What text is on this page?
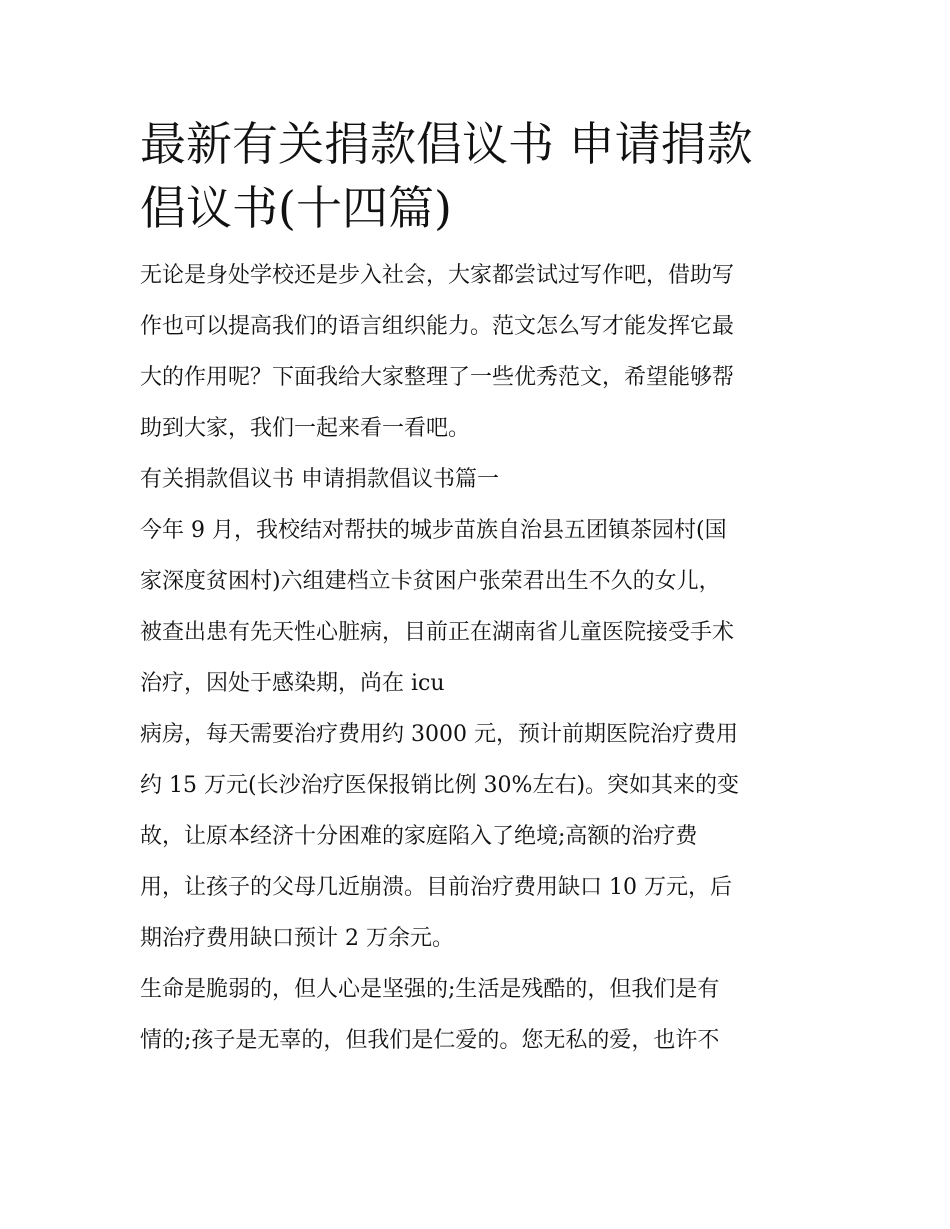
最新有关捐款倡议书 申请捐款
倡议书(十四篇)
无论是身处学校还是步入社会，大家都尝试过写作吧，借助写
作也可以提高我们的语言组织能力。范文怎么写才能发挥它最
大的作用呢？下面我给大家整理了一些优秀范文，希望能够帮
助到大家，我们一起来看一看吧。
有关捐款倡议书 申请捐款倡议书篇一
今年 9 月，我校结对帮扶的城步苗族自治县五团镇茶园村(国
家深度贫困村)六组建档立卡贫困户张荣君出生不久的女儿，
被查出患有先天性心脏病，目前正在湖南省儿童医院接受手术
治疗，因处于感染期，尚在 icu
病房，每天需要治疗费用约 3000 元，预计前期医院治疗费用
约 15 万元(长沙治疗医保报销比例 30%左右)。突如其来的变
故，让原本经济十分困难的家庭陷入了绝境;高额的治疗费
用，让孩子的父母几近崩溃。目前治疗费用缺口 10 万元，后
期治疗费用缺口预计 2 万余元。
生命是脆弱的，但人心是坚强的;生活是残酷的，但我们是有
情的;孩子是无辜的，但我们是仁爱的。您无私的爱，也许不
